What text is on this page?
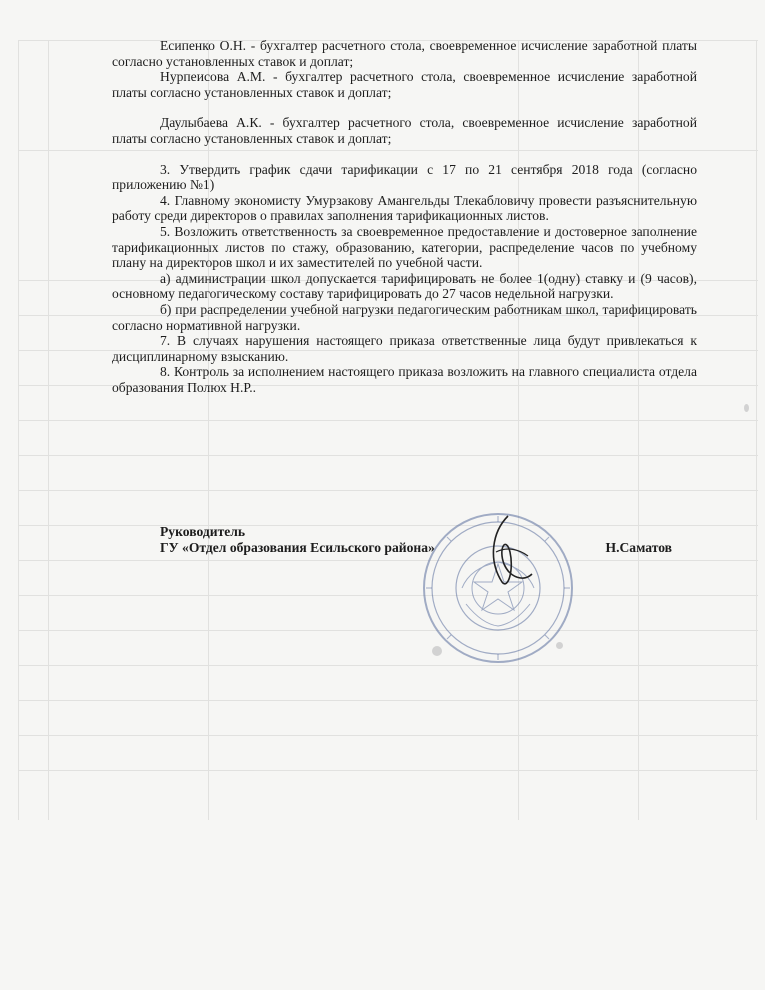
Есипенко О.Н. - бухгалтер расчетного стола, своевременное исчисление заработной платы согласно установленных ставок и доплат;

Нурпеисова А.М. - бухгалтер расчетного стола, своевременное исчисление заработной платы согласно установленных ставок и доплат;

Даулыбаева А.К. - бухгалтер расчетного стола, своевременное исчисление заработной платы согласно установленных ставок и доплат;

3. Утвердить график сдачи тарификации с 17 по 21 сентября 2018 года (согласно приложению №1)

4. Главному экономисту Умурзакову Амангельды Тлекабловичу провести разъяснительную работу среди директоров о правилах заполнения тарификационных листов.

5. Возложить ответственность за своевременное предоставление и достоверное заполнение тарификационных листов по стажу, образованию, категории, распределение часов по учебному плану на директоров школ и их заместителей по учебной части.

а) администрации школ допускается тарифицировать не более 1(одну) ставку и (9 часов), основному педагогическому составу тарифицировать до 27 часов недельной нагрузки.

б) при распределении учебной нагрузки педагогическим работникам школ, тарифицировать согласно нормативной нагрузки.

7. В случаях нарушения настоящего приказа ответственные лица будут привлекаться к дисциплинарному взысканию.

8. Контроль за исполнением настоящего приказа возложить на главного специалиста отдела образования Полюх Н.Р..

Руководитель
ГУ «Отдел образования Есильского района»	Н.Саматов
